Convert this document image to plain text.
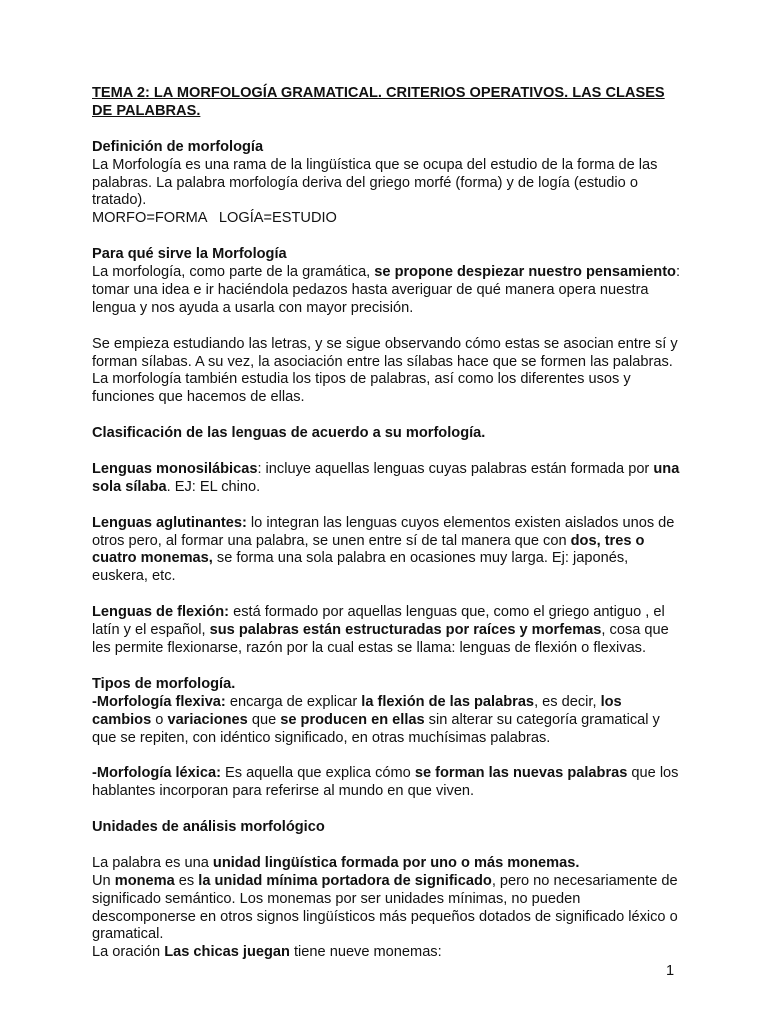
TEMA 2: LA MORFOLOGÍA GRAMATICAL. CRITERIOS OPERATIVOS. LAS CLASES DE PALABRAS.

Definición de morfología

La Morfología es una rama de la lingüística que se ocupa del estudio de la forma de las palabras. La palabra morfología deriva del griego morfé (forma) y de logía (estudio o tratado).

MORFO=FORMA   LOGÍA=ESTUDIO

Para qué sirve la Morfología

La morfología, como parte de la gramática, se propone despiezar nuestro pensamiento: tomar una idea e ir haciéndola pedazos hasta averiguar de qué manera opera nuestra lengua y nos ayuda a usarla con mayor precisión.

Se empieza estudiando las letras, y se sigue observando cómo estas se asocian entre sí y forman sílabas. A su vez, la asociación entre las sílabas hace que se formen las palabras. La morfología también estudia los tipos de palabras, así como los diferentes usos y funciones que hacemos de ellas.

Clasificación de las lenguas de acuerdo a su morfología.

Lenguas monosilábicas: incluye aquellas lenguas cuyas palabras están formada por una sola sílaba. EJ: EL chino.

Lenguas aglutinantes: lo integran las lenguas cuyos elementos existen aislados unos de otros pero, al formar una palabra, se unen entre sí de tal manera que con dos, tres o cuatro monemas, se forma una sola palabra en ocasiones muy larga. Ej: japonés, euskera, etc.

Lenguas de flexión: está formado por aquellas lenguas que, como el griego antiguo , el latín y el español, sus palabras están estructuradas por raíces y morfemas, cosa que les permite flexionarse, razón por la cual estas se llama: lenguas de flexión o flexivas.

Tipos de morfología.

-Morfología flexiva: encarga de explicar la flexión de las palabras, es decir, los cambios o variaciones que se producen en ellas sin alterar su categoría gramatical y que se repiten, con idéntico significado, en otras muchísimas palabras.

-Morfología léxica: Es aquella que explica cómo se forman las nuevas palabras que los hablantes incorporan para referirse al mundo en que viven.

Unidades de análisis morfológico

La palabra es una unidad lingüística formada por uno o más monemas.

Un monema es la unidad mínima portadora de significado, pero no necesariamente de significado semántico. Los monemas por ser unidades mínimas, no pueden descomponerse en otros signos lingüísticos más pequeños dotados de significado léxico o gramatical.

La oración Las chicas juegan tiene nueve monemas:

1
